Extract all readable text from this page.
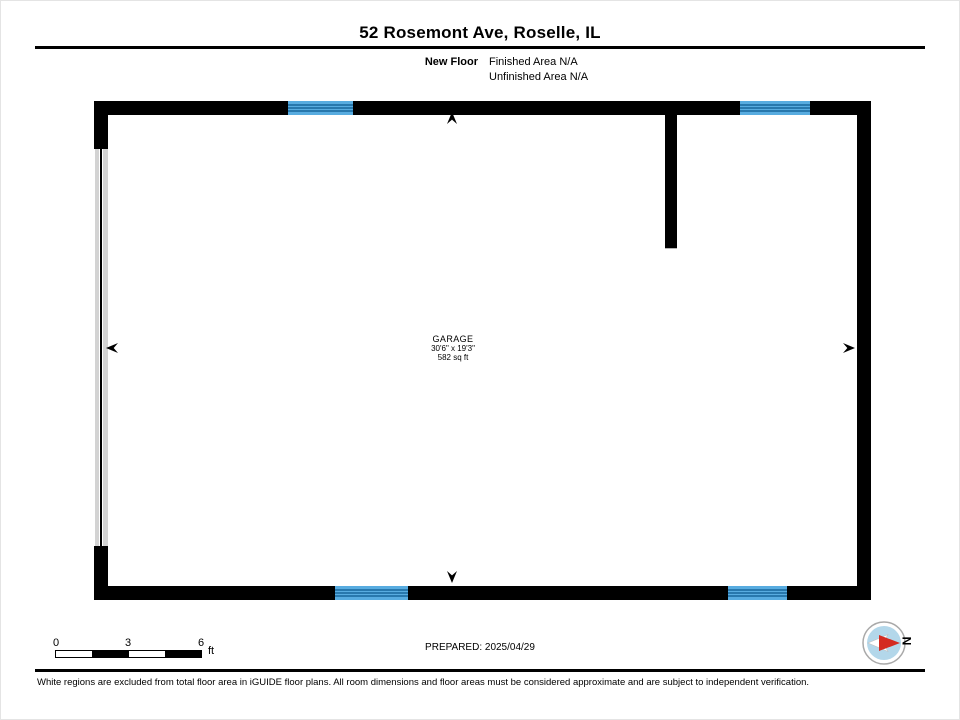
52 Rosemont Ave, Roselle, IL
New Floor Finished Area N/A
Unfinished Area N/A
GARAGE
30'6" x 19'3"
582 sq ft
0	3	6
ft	PREPARED: 2025/04/29
N
White regions are excluded from total floor area in iGUIDE floor plans. All room dimensions and floor areas must be considered approximate and are subject to independent verification.
